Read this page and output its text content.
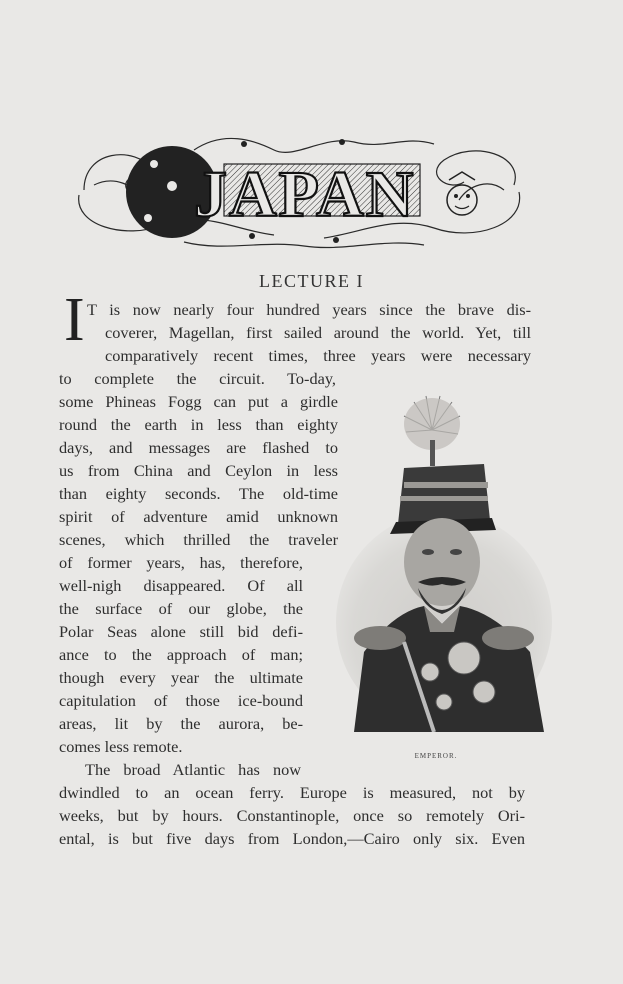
JAPAN
LECTURE I
I T is now nearly four hundred years since the brave dis-
coverer, Magellan, first sailed around the world. Yet, till
comparatively recent times, three years were necessary
to complete the circuit. To-day,
some Phineas Fogg can put a girdle
round the earth in less than eighty
days, and messages are flashed to
us from China and Ceylon in less
than eighty seconds. The old-time
spirit of adventure amid unknown
scenes, which thrilled the traveler
of former years, has, therefore,
well-nigh disappeared. Of all
the surface of our globe, the
Polar Seas alone still bid defi-
ance to the approach of man;
though every year the ultimate
capitulation of those ice-bound
areas, lit by the aurora, be-
comes less remote.
The broad Atlantic has now
dwindled to an ocean ferry. Europe is measured, not by
weeks, but by hours. Constantinople, once so remotely Ori-
ental, is but five days from London,—Cairo only six. Even
EMPEROR.
